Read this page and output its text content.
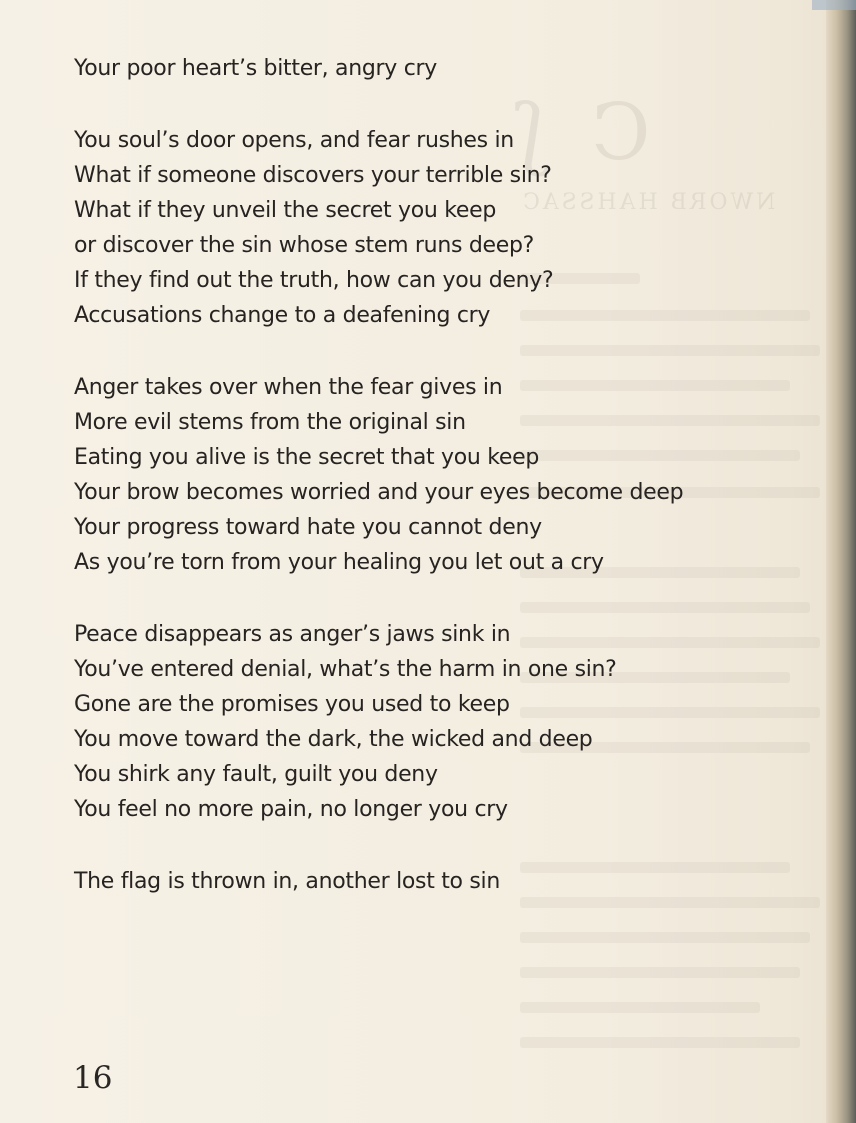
C  ʃ
NWORB HAHSSAC
Your poor heart’s bitter, angry cry
You soul’s door opens, and fear rushes in
What if someone discovers your terrible sin?
What if they unveil the secret you keep
or discover the sin whose stem runs deep?
If they find out the truth, how can you deny?
Accusations change to a deafening cry
Anger takes over when the fear gives in
More evil stems from the original sin
Eating you alive is the secret that you keep
Your brow becomes worried and your eyes become deep
Your progress toward hate you cannot deny
As you’re torn from your healing you let out a cry
Peace disappears as anger’s jaws sink in
You’ve entered denial, what’s the harm in one sin?
Gone are the promises you used to keep
You move toward the dark, the wicked and deep
You shirk any fault, guilt you deny
You feel no more pain, no longer you cry
The flag is thrown in, another lost to sin
16
